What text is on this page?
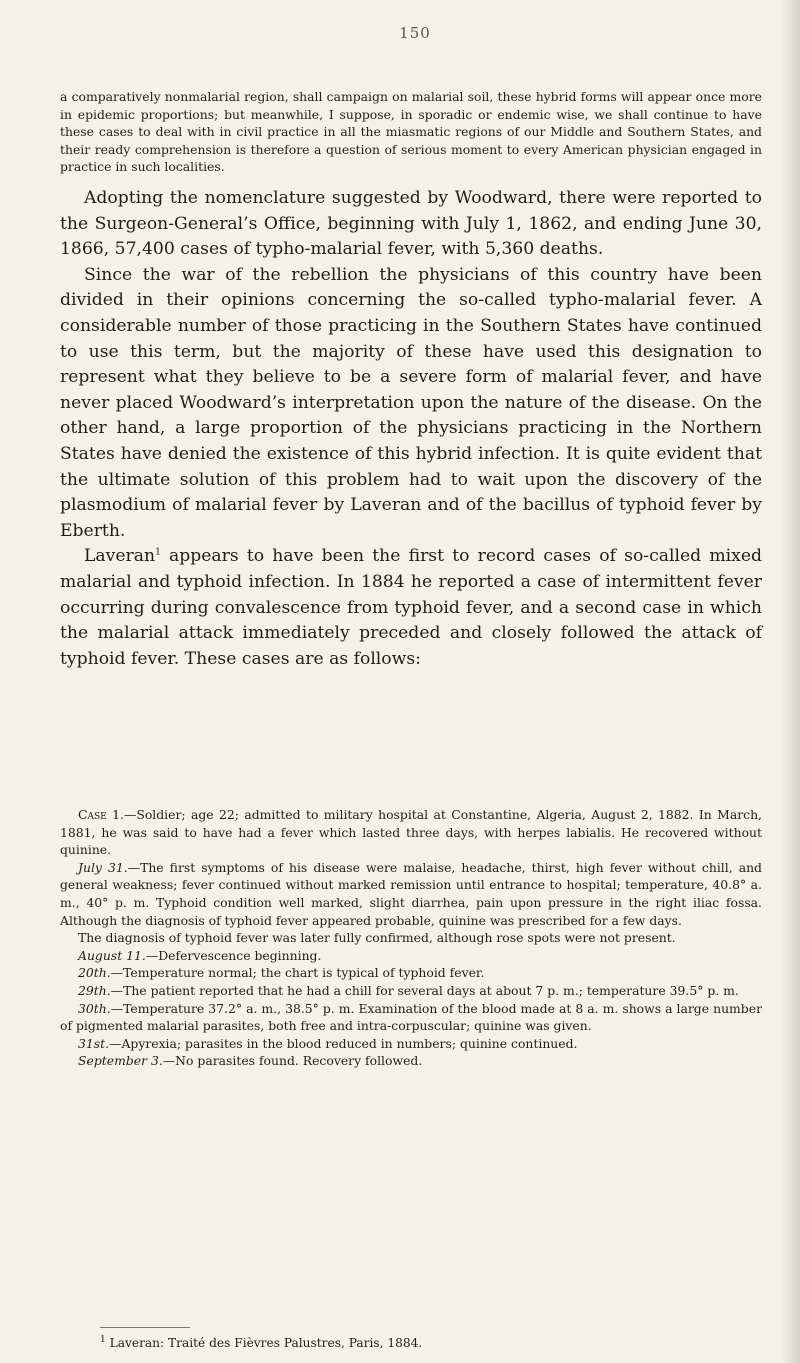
150

a comparatively nonmalarial region, shall campaign on malarial soil, these hybrid forms will appear once more in epidemic proportions; but meanwhile, I suppose, in sporadic or endemic wise, we shall continue to have these cases to deal with in civil practice in all the miasmatic regions of our Middle and Southern States, and their ready comprehension is therefore a question of serious moment to every American physician engaged in practice in such localities.

Adopting the nomenclature suggested by Woodward, there were reported to the Surgeon-General’s Office, beginning with July 1, 1862, and ending June 30, 1866, 57,400 cases of typho-malarial fever, with 5,360 deaths.

Since the war of the rebellion the physicians of this country have been divided in their opinions concerning the so-called typho-malarial fever. A considerable number of those practicing in the Southern States have continued to use this term, but the majority of these have used this designation to represent what they believe to be a severe form of malarial fever, and have never placed Woodward’s interpretation upon the nature of the disease. On the other hand, a large proportion of the physicians practicing in the Northern States have denied the existence of this hybrid infection. It is quite evident that the ultimate solution of this problem had to wait upon the discovery of the plasmodium of malarial fever by Laveran and of the bacillus of typhoid fever by Eberth.

Laveran$^1$ appears to have been the first to record cases of so-called mixed malarial and typhoid infection. In 1884 he reported a case of intermittent fever occurring during convalescence from typhoid fever, and a second case in which the malarial attack immediately preceded and closely followed the attack of typhoid fever. These cases are as follows:

Case 1.—Soldier; age 22; admitted to military hospital at Constantine, Algeria, August 2, 1882. In March, 1881, he was said to have had a fever which lasted three days, with herpes labialis. He recovered without quinine.

July 31.—The first symptoms of his disease were malaise, headache, thirst, high fever without chill, and general weakness; fever continued without marked remission until entrance to hospital; temperature, 40.8° a. m., 40° p. m. Typhoid condition well marked, slight diarrhea, pain upon pressure in the right iliac fossa. Although the diagnosis of typhoid fever appeared probable, quinine was prescribed for a few days.

The diagnosis of typhoid fever was later fully confirmed, although rose spots were not present.

August 11.—Defervescence beginning.

20th.—Temperature normal; the chart is typical of typhoid fever.

29th.—The patient reported that he had a chill for several days at about 7 p. m.; temperature 39.5° p. m.

30th.—Temperature 37.2° a. m., 38.5° p. m. Examination of the blood made at 8 a. m. shows a large number of pigmented malarial parasites, both free and intra-corpuscular; quinine was given.

31st.—Apyrexia; parasites in the blood reduced in numbers; quinine continued.

September 3.—No parasites found. Recovery followed.

$^1$ Laveran: Traité des Fièvres Palustres, Paris, 1884.
